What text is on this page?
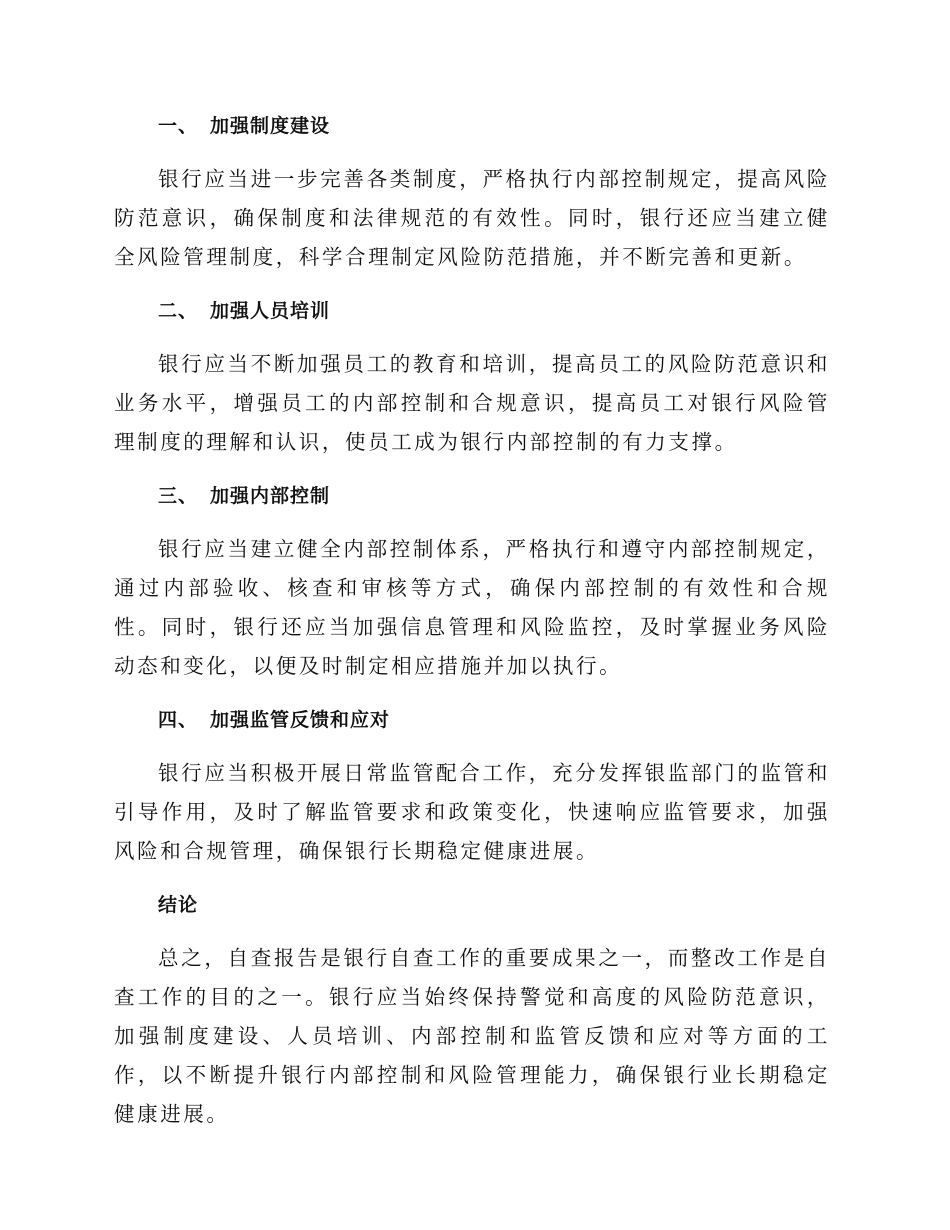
一、 加强制度建设

银行应当进一步完善各类制度，严格执行内部控制规定，提高风险防范意识，确保制度和法律规范的有效性。同时，银行还应当建立健全风险管理制度，科学合理制定风险防范措施，并不断完善和更新。

二、 加强人员培训

银行应当不断加强员工的教育和培训，提高员工的风险防范意识和业务水平，增强员工的内部控制和合规意识，提高员工对银行风险管理制度的理解和认识，使员工成为银行内部控制的有力支撑。

三、 加强内部控制

银行应当建立健全内部控制体系，严格执行和遵守内部控制规定，通过内部验收、核查和审核等方式，确保内部控制的有效性和合规性。同时，银行还应当加强信息管理和风险监控，及时掌握业务风险动态和变化，以便及时制定相应措施并加以执行。

四、 加强监管反馈和应对

银行应当积极开展日常监管配合工作，充分发挥银监部门的监管和引导作用，及时了解监管要求和政策变化，快速响应监管要求，加强风险和合规管理，确保银行长期稳定健康进展。

结论

总之，自查报告是银行自查工作的重要成果之一，而整改工作是自查工作的目的之一。银行应当始终保持警觉和高度的风险防范意识，加强制度建设、人员培训、内部控制和监管反馈和应对等方面的工作，以不断提升银行内部控制和风险管理能力，确保银行业长期稳定健康进展。
